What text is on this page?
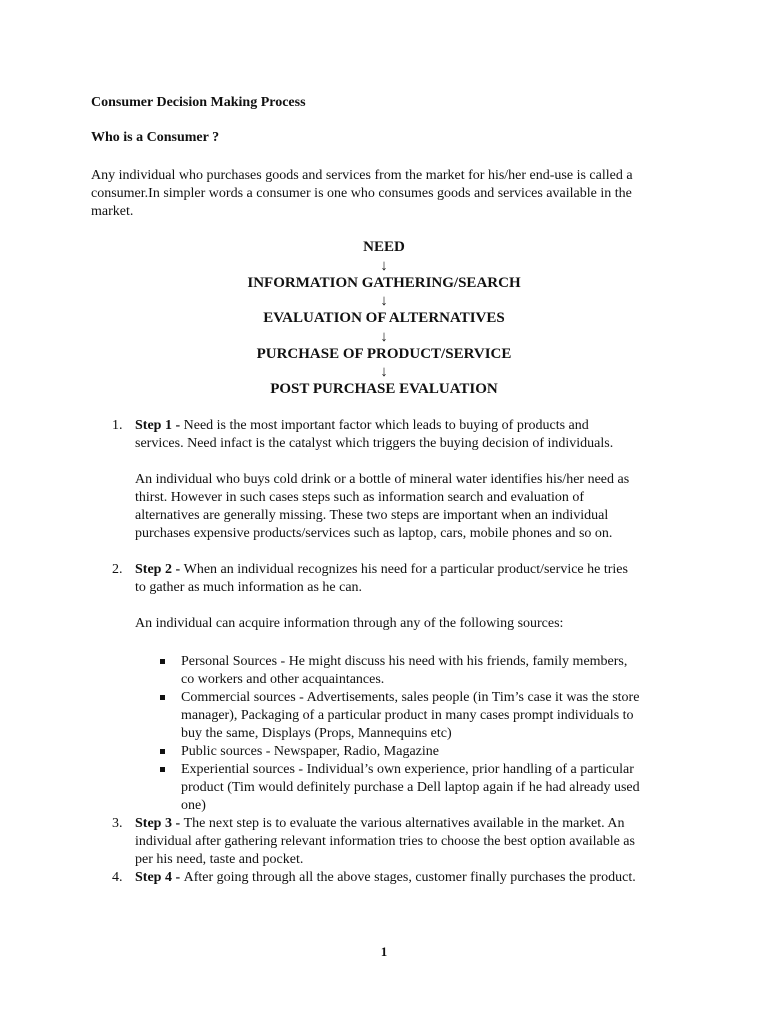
Consumer Decision Making Process
Who is a Consumer ?

Any individual who purchases goods and services from the market for his/her end-use is called a
consumer.In simpler words a consumer is one who consumes goods and services available in the
market.

NEED
↓
INFORMATION GATHERING/SEARCH
↓
EVALUATION OF ALTERNATIVES
↓
PURCHASE OF PRODUCT/SERVICE
↓
POST PURCHASE EVALUATION
1. Step 1 - Need is the most important factor which leads to buying of products and
services. Need infact is the catalyst which triggers the buying decision of individuals.

An individual who buys cold drink or a bottle of mineral water identifies his/her need as
thirst. However in such cases steps such as information search and evaluation of
alternatives are generally missing. These two steps are important when an individual
purchases expensive products/services such as laptop, cars, mobile phones and so on.

2. Step 2 - When an individual recognizes his need for a particular product/service he tries
to gather as much information as he can.

An individual can acquire information through any of the following sources:

Personal Sources - He might discuss his need with his friends, family members,
co workers and other acquaintances.
Commercial sources - Advertisements, sales people (in Tim’s case it was the store
manager), Packaging of a particular product in many cases prompt individuals to
buy the same, Displays (Props, Mannequins etc)
Public sources - Newspaper, Radio, Magazine
Experiential sources - Individual’s own experience, prior handling of a particular
product (Tim would definitely purchase a Dell laptop again if he had already used
one)
3. Step 3 - The next step is to evaluate the various alternatives available in the market. An
individual after gathering relevant information tries to choose the best option available as
per his need, taste and pocket.

4. Step 4 - After going through all the above stages, customer finally purchases the product.

1
